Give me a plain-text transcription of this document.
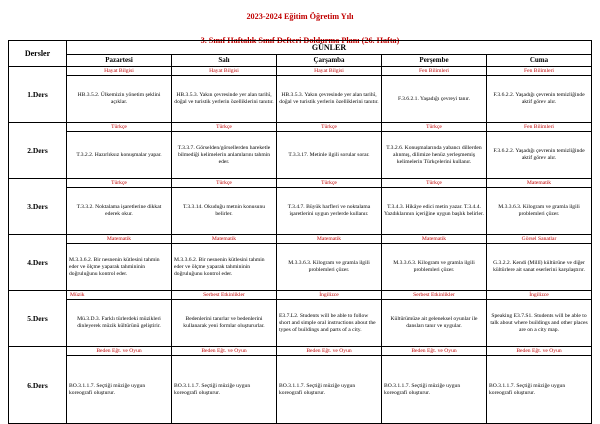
2023-2024 Eğitim Öğretim Yılı
3. Sınıf Haftalık Sınıf Defteri Doldurma Planı (26. Hafta)
Dersler	GÜNLER				
	Pazartesi	Salı	Çarşamba	Perşembe	Cuma
1.Ders	Hayat Bilgisi	Hayat Bilgisi	Hayat Bilgisi	Fen Bilimleri	Fen Bilimleri

HB.3.5.2. Ülkemizin yönetim şeklini açıklar.	HB.3.5.3. Yakın çevresinde yer alan tarihî, doğal ve turistik yerlerin özelliklerini tanıtır.	HB.3.5.3. Yakın çevresinde yer alan tarihî, doğal ve turistik yerlerin özelliklerini tanıtır.	F.3.6.2.1. Yaşadığı çevreyi tanır.	F.3.6.2.2. Yaşadığı çevrenin temizliğinde aktif görev alır.

2.Ders	Türkçe	Türkçe	Türkçe	Türkçe	Fen Bilimleri

T.3.2.2. Hazırlıksız konuşmalar yapar.	T.3.3.7. Görselden/görsellerden hareketle bilmediği kelimelerin anlamlarını tahmin eder.	T.3.3.17. Metinle ilgili sorular sorar.	T.3.2.6. Konuşmalarında yabancı dillerden alınmış, dilimize henüz yerleşmemiş kelimelerin Türkçelerini kullanır.	F.3.6.2.2. Yaşadığı çevrenin temizliğinde aktif görev alır.

3.Ders	Türkçe	Türkçe	Türkçe	Türkçe	Matematik

T.3.3.2. Noktalama işaretlerine dikkat ederek okur.	T.3.3.14. Okuduğu metnin konusunu belirler.	T.3.4.7. Büyük harfleri ve noktalama işaretlerini uygun yerlerde kullanır.	T.3.4.3. Hikâye edici metin yazar. T.3.4.4. Yazdıklarının içeriğine uygun başlık belirler.	M.3.3.6.3. Kilogram ve gramla ilgili problemleri çözer.

4.Ders	Matematik	Matematik	Matematik	Matematik	Görsel Sanatlar

M.3.3.6.2. Bir nesnenin kütlesini tahmin eder ve ölçme yaparak tahmininin doğruluğunu kontrol eder.	M.3.3.6.2. Bir nesnenin kütlesini tahmin eder ve ölçme yaparak tahmininin doğruluğunu kontrol eder.	M.3.3.6.3. Kilogram ve gramla ilgili problemleri çözer.	M.3.3.6.3. Kilogram ve gramla ilgili problemleri çözer.	G.3.2.2. Kendi (Millî) kültürüne ve diğer kültürlere ait sanat eserlerini karşılaştırır.

5.Ders	Müzik	Serbest Etkinlikler	İngilizce	Serbest Etkinlikler	İngilizce

Mü.3.D.3. Farklı türlerdeki müzikleri dinleyerek müzik kültürünü geliştirir.	Bedenlerini tanırlar ve bedenlerini kullanarak yeni formlar oluştururlar.	E3.7.L2. Students will be able to follow short and simple oral instructions about the types of buildings and parts of a city.	Kültürümüze ait geleneksel oyunlar ile dansları tanır ve uygular.	Speaking E3.7.S1. Students will be able to talk about where buildings and other places are on a city map.

6.Ders	Beden Eğt. ve Oyun	Beden Eğt. ve Oyun	Beden Eğt. ve Oyun	Beden Eğt. ve Oyun	Beden Eğt. ve Oyun

BO.3.1.1.7. Seçtiği müziğe uygun koreografi oluşturur.	BO.3.1.1.7. Seçtiği müziğe uygun koreografi oluşturur.	BO.3.1.1.7. Seçtiği müziğe uygun koreografi oluşturur.	BO.3.1.1.7. Seçtiği müziğe uygun koreografi oluşturur.	BO.3.1.1.7. Seçtiği müziğe uygun koreografi oluşturur.
